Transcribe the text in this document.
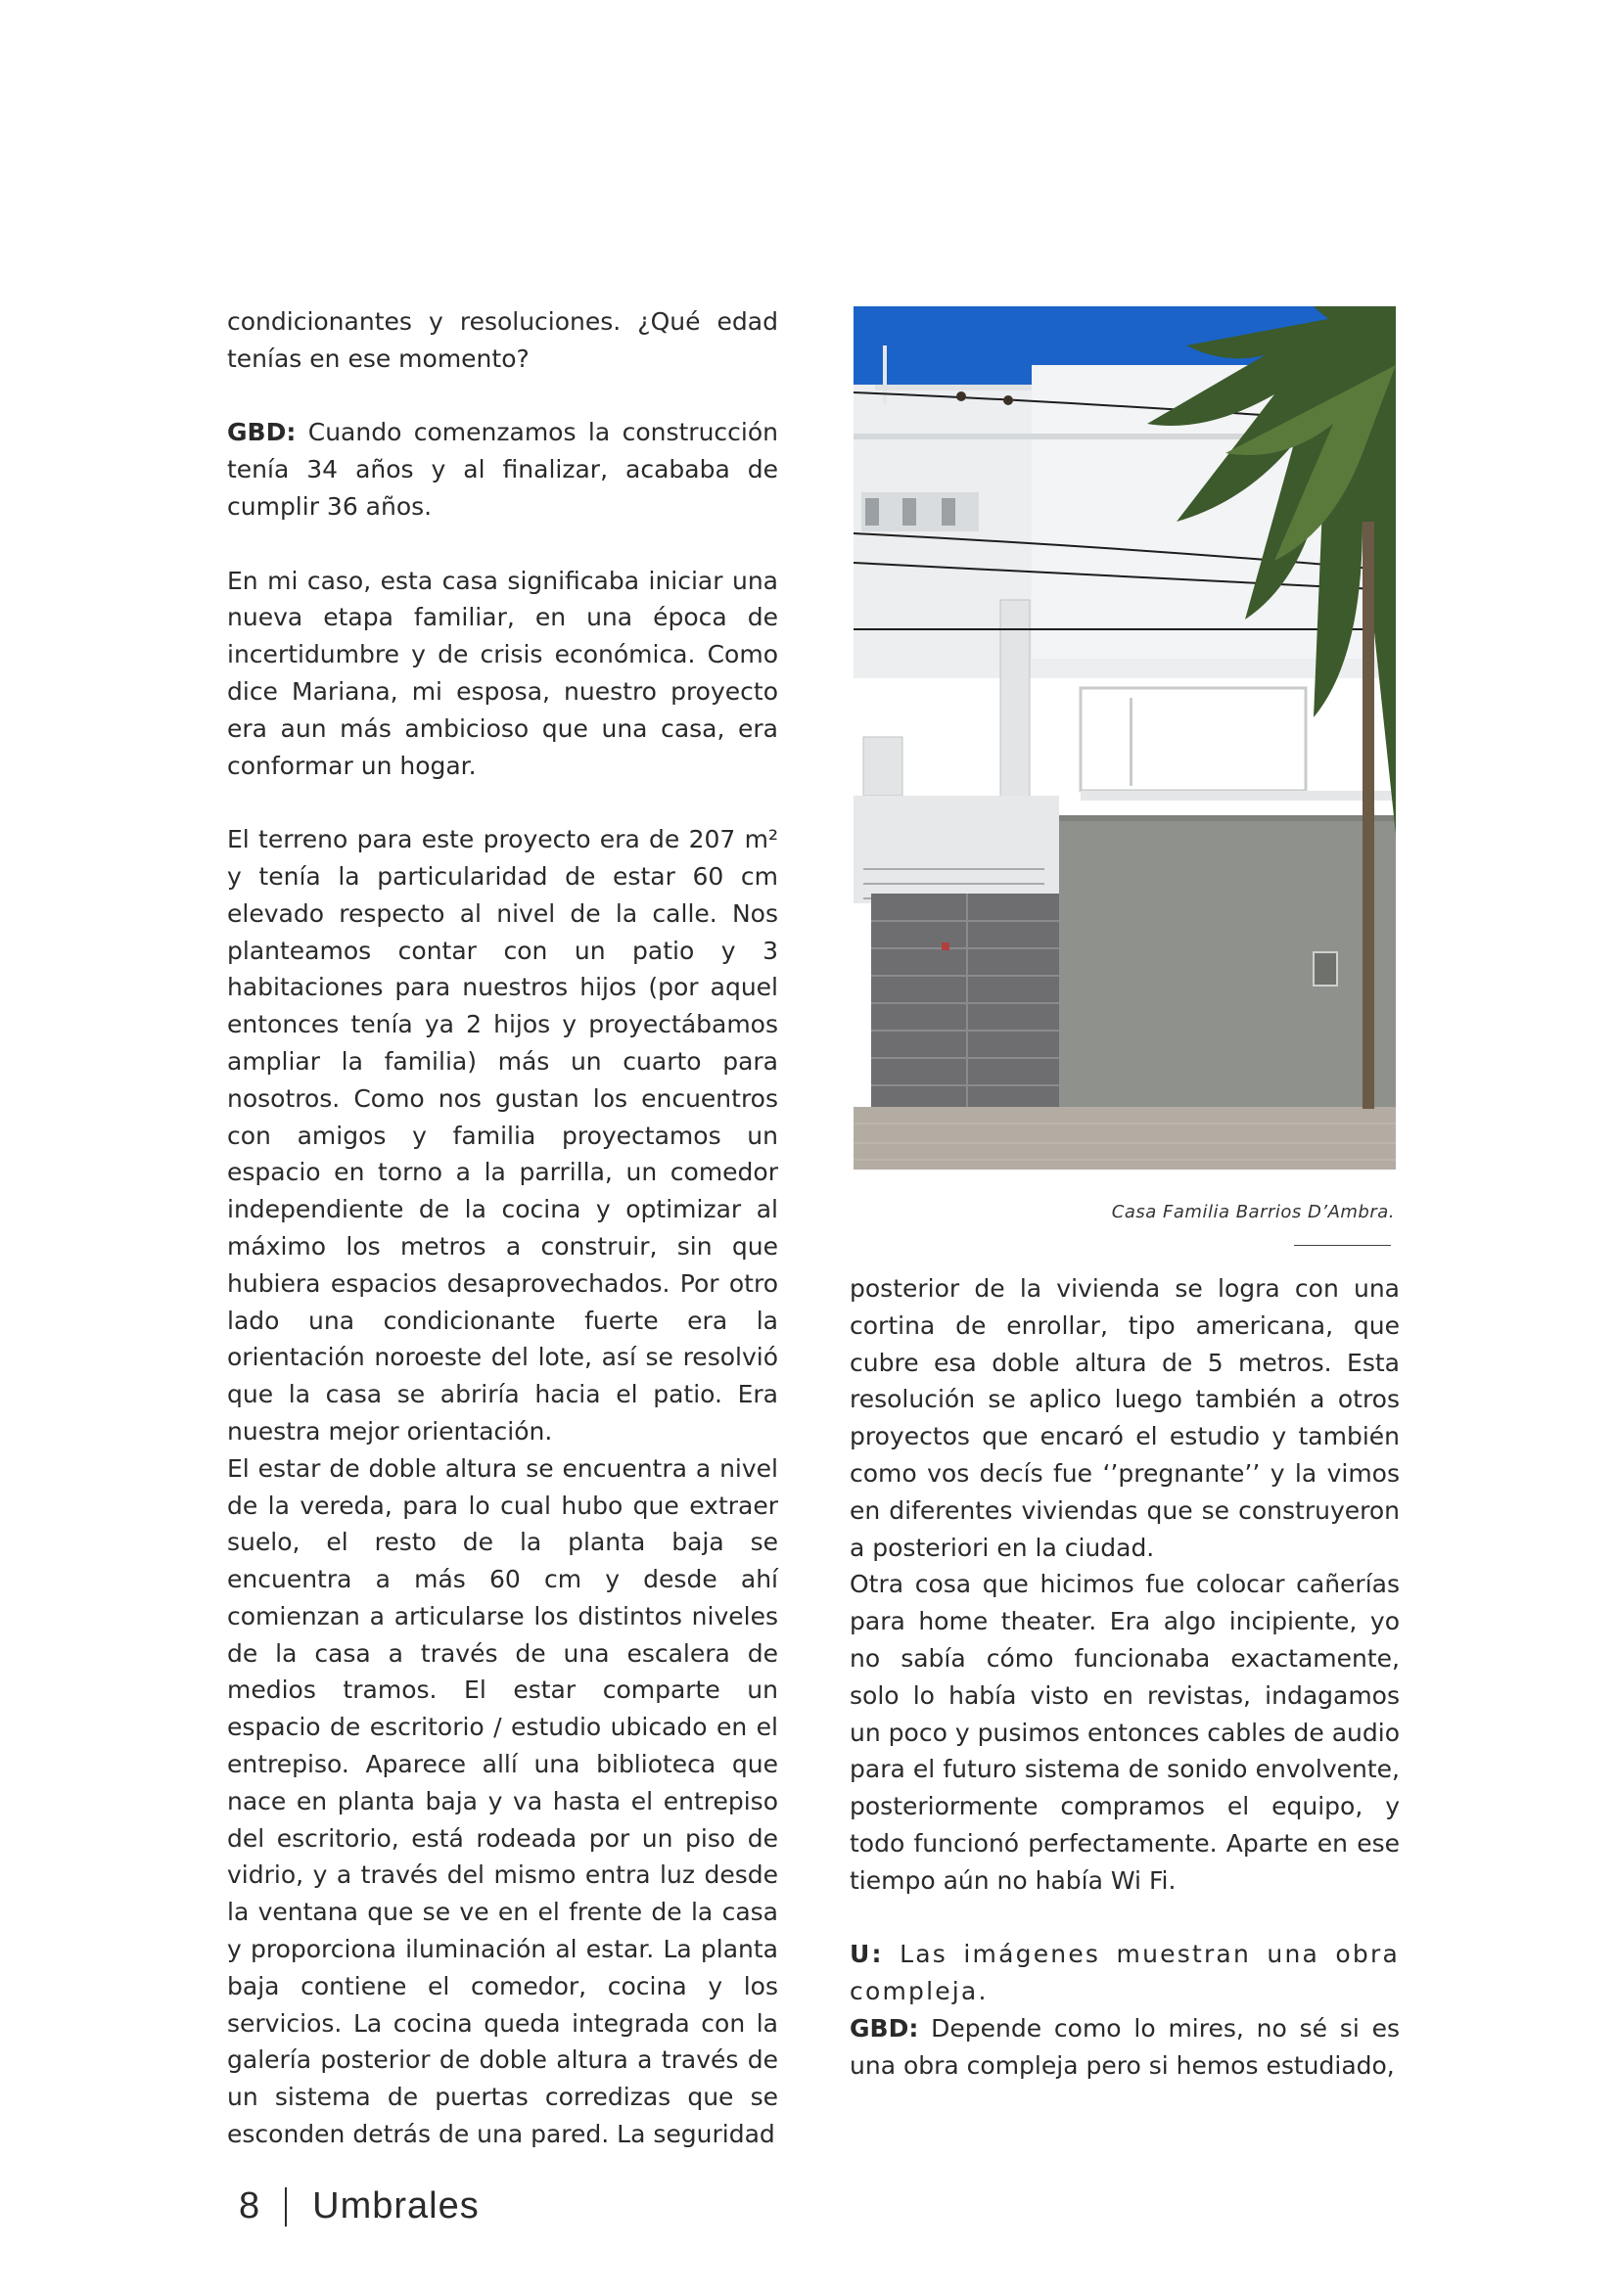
condicionantes y resoluciones. ¿Qué edad tenías en ese momento?

GBD: Cuando comenzamos la construcción tenía 34 años y al finalizar, acababa de cumplir 36 años.

En mi caso, esta casa significaba iniciar una nueva etapa familiar, en una época de incertidumbre y de crisis económica. Como dice Mariana, mi esposa, nuestro proyecto era aun más ambicioso que una casa, era conformar un hogar.

El terreno para este proyecto era de 207 m² y tenía la particularidad de estar 60 cm elevado respecto al nivel de la calle. Nos planteamos contar con un patio y 3 habitaciones para nuestros hijos (por aquel entonces tenía ya 2 hijos y proyectábamos ampliar la familia) más un cuarto para nosotros. Como nos gustan los encuentros con amigos y familia proyectamos un espacio en torno a la parrilla, un comedor independiente de la cocina y optimizar al máximo los metros a construir, sin que hubiera espacios desaprovechados. Por otro lado una condicionante fuerte era la orientación noroeste del lote, así se resolvió que la casa se abriría hacia el patio. Era nuestra mejor orientación.

El estar de doble altura se encuentra a nivel de la vereda, para lo cual hubo que extraer suelo, el resto de la planta baja se encuentra a más 60 cm y desde ahí comienzan a articularse los distintos niveles de la casa a través de una escalera de medios tramos. El estar comparte un espacio de escritorio / estudio ubicado en el entrepiso. Aparece allí una biblioteca que nace en planta baja y va hasta el entrepiso del escritorio, está rodeada por un piso de vidrio, y a través del mismo entra luz desde la ventana que se ve en el frente de la casa y proporciona iluminación al estar. La planta baja contiene el comedor, cocina y los servicios. La cocina queda integrada con la galería posterior de doble altura a través de un sistema de puertas corredizas que se esconden detrás de una pared. La seguridad

Casa Familia Barrios D’Ambra.

posterior de la vivienda se logra con una cortina de enrollar, tipo americana, que cubre esa doble altura de 5 metros. Esta resolución se aplico luego también a otros proyectos que encaró el estudio y también como vos decís fue ‘’pregnante’’ y la vimos en diferentes viviendas que se construyeron a posteriori en la ciudad.

Otra cosa que hicimos fue colocar cañerías para home theater. Era algo incipiente, yo no sabía cómo funcionaba exactamente, solo lo había visto en revistas, indagamos un poco y pusimos entonces cables de audio para el futuro sistema de sonido envolvente, posteriormente compramos el equipo, y todo funcionó perfectamente. Aparte en ese tiempo aún no había Wi Fi.

U: Las imágenes muestran una obra compleja.

GBD: Depende como lo mires, no sé si es una obra compleja pero si hemos estudiado,

8 Umbrales
